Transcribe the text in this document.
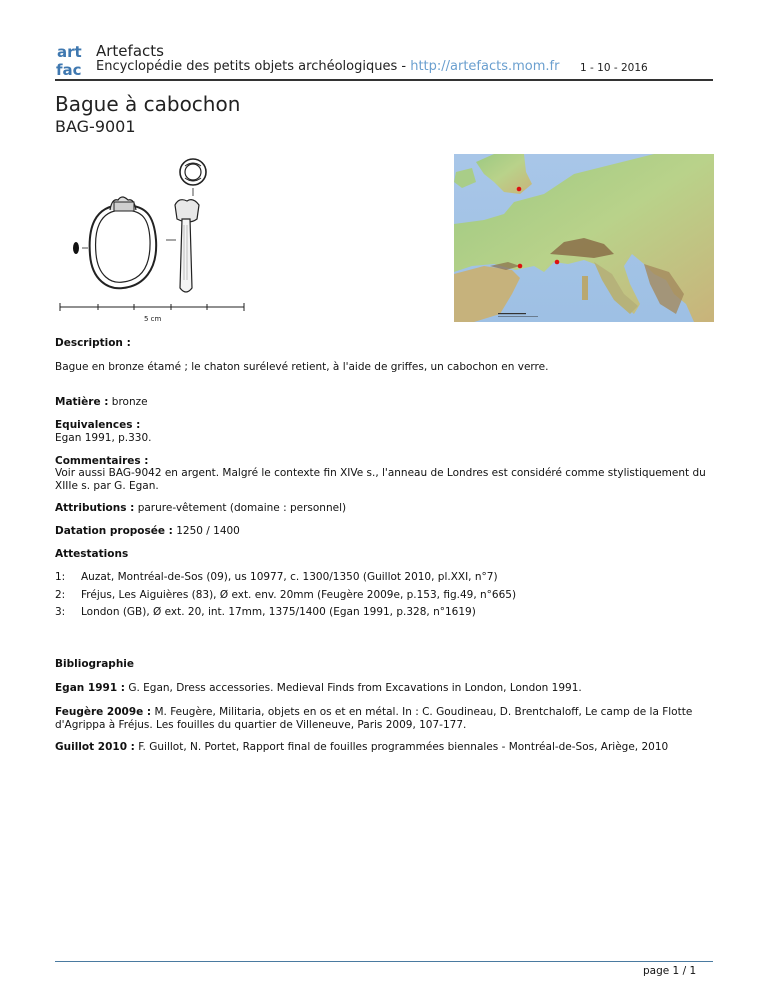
art
fac
Artefacts
Encyclopédie des petits objets archéologiques - http://artefacts.mom.fr 1 - 10 - 2016
Bague à cabochon
BAG-9001
5 cm
Description :
Bague en bronze étamé ; le chaton surélevé retient, à l'aide de griffes, un cabochon en verre.
Matière : bronze
Equivalences :
Egan 1991, p.330.
Commentaires :
Voir aussi BAG-9042 en argent. Malgré le contexte fin XIVe s., l'anneau de Londres est considéré comme stylistiquement du
XIIIe s. par G. Egan.
Attributions : parure-vêtement (domaine : personnel)
Datation proposée : 1250 / 1400
Attestations
1: Auzat, Montréal-de-Sos (09), us 10977, c. 1300/1350 (Guillot 2010, pl.XXI, n°7)
2: Fréjus, Les Aiguières (83), Ø ext. env. 20mm (Feugère 2009e, p.153, fig.49, n°665)
3: London (GB), Ø ext. 20, int. 17mm, 1375/1400 (Egan 1991, p.328, n°1619)
Bibliographie
Egan 1991 : G. Egan, Dress accessories. Medieval Finds from Excavations in London, London 1991.
Feugère 2009e : M. Feugère, Militaria, objets en os et en métal. In : C. Goudineau, D. Brentchaloff, Le camp de la Flotte
d'Agrippa à Fréjus. Les fouilles du quartier de Villeneuve, Paris 2009, 107-177.
Guillot 2010 : F. Guillot, N. Portet, Rapport final de fouilles programmées biennales - Montréal-de-Sos, Ariège, 2010
page 1 / 1
